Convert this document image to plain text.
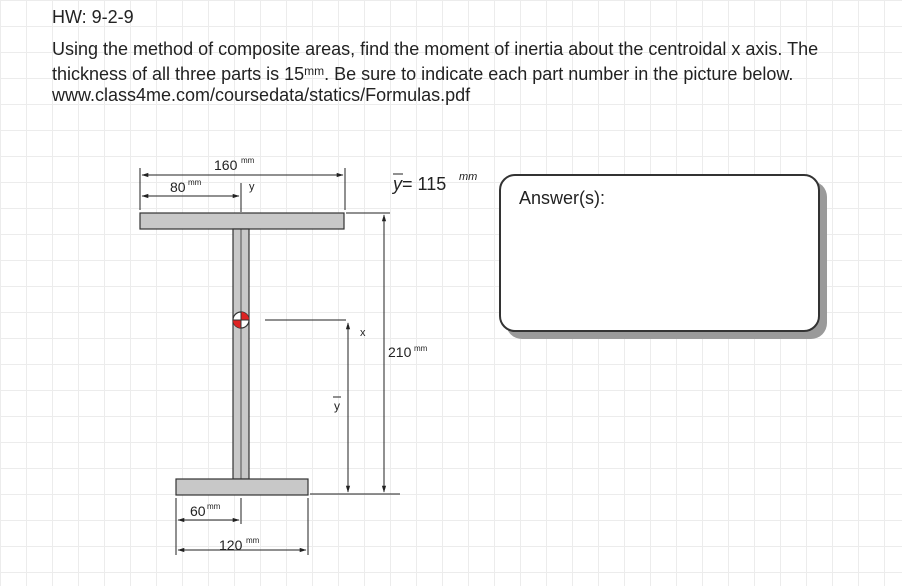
HW: 9-2-9
Using the method of composite areas, find the moment of inertia about the centroidal x axis. The thickness of all three parts is $15^{mm}$. Be sure to indicate each part number in the picture below. www.class4me.com/coursedata/statics/Formulas.pdf
160 mm
80 mm	y
x
y
210 mm
60 mm
120 mm
y = 115 mm
Answer(s):
